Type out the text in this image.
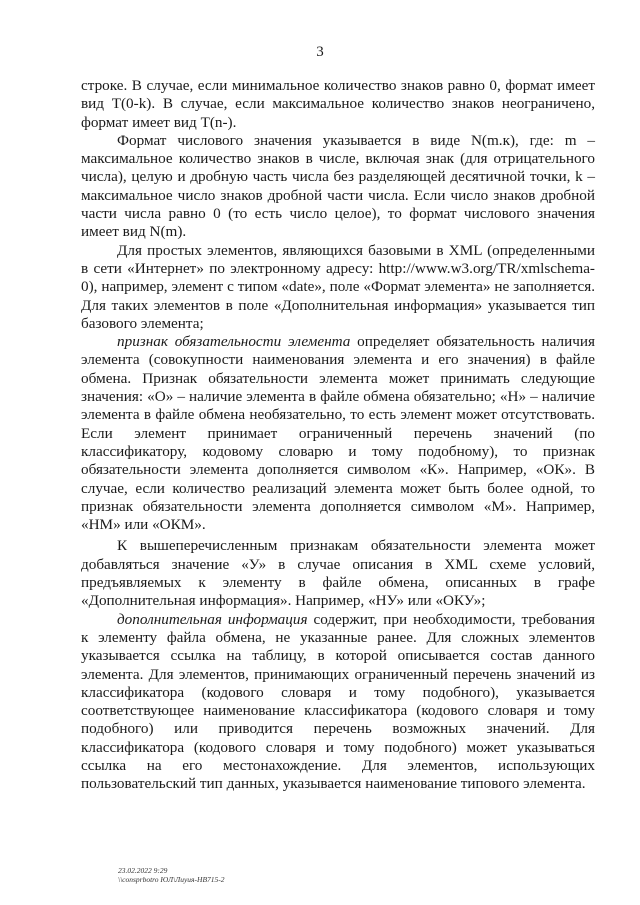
3

строке. В случае, если минимальное количество знаков равно 0, формат имеет вид T(0-k). В случае, если максимальное количество знаков неограничено, формат имеет вид T(n-).

Формат числового значения указывается в виде N(m.к), где: m – максимальное количество знаков в числе, включая знак (для отрицательного числа), целую и дробную часть числа без разделяющей десятичной точки, k – максимальное число знаков дробной части числа. Если число знаков дробной части числа равно 0 (то есть число целое), то формат числового значения имеет вид N(m).

Для простых элементов, являющихся базовыми в XML (определенными в сети «Интернет» по электронному адресу: http://www.w3.org/TR/xmlschema-0), например, элемент с типом «date», поле «Формат элемента» не заполняется. Для таких элементов в поле «Дополнительная информация» указывается тип базового элемента;

признак обязательности элемента определяет обязательность наличия элемента (совокупности наименования элемента и его значения) в файле обмена. Признак обязательности элемента может принимать следующие значения: «О» – наличие элемента в файле обмена обязательно; «Н» – наличие элемента в файле обмена необязательно, то есть элемент может отсутствовать. Если элемент принимает ограниченный перечень значений (по классификатору, кодовому словарю и тому подобному), то признак обязательности элемента дополняется символом «К». Например, «ОК». В случае, если количество реализаций элемента может быть более одной, то признак обязательности элемента дополняется символом «М». Например, «НМ» или «ОКМ».

К вышеперечисленным признакам обязательности элемента может добавляться значение «У» в случае описания в XML схеме условий, предъявляемых к элементу в файле обмена, описанных в графе «Дополнительная информация». Например, «НУ» или «ОКУ»;

дополнительная информация содержит, при необходимости, требования к элементу файла обмена, не указанные ранее. Для сложных элементов указывается ссылка на таблицу, в которой описывается состав данного элемента. Для элементов, принимающих ограниченный перечень значений из классификатора (кодового словаря и тому подобного), указывается соответствующее наименование классификатора (кодового словаря и тому подобного) или приводится перечень возможных значений. Для классификатора (кодового словаря и тому подобного) может указываться ссылка на его местонахождение. Для элементов, использующих пользовательский тип данных, указывается наименование типового элемента.

23.02.2022 9:29
\\consprbotro ЮЛ\Лиуия-НВ715-2
